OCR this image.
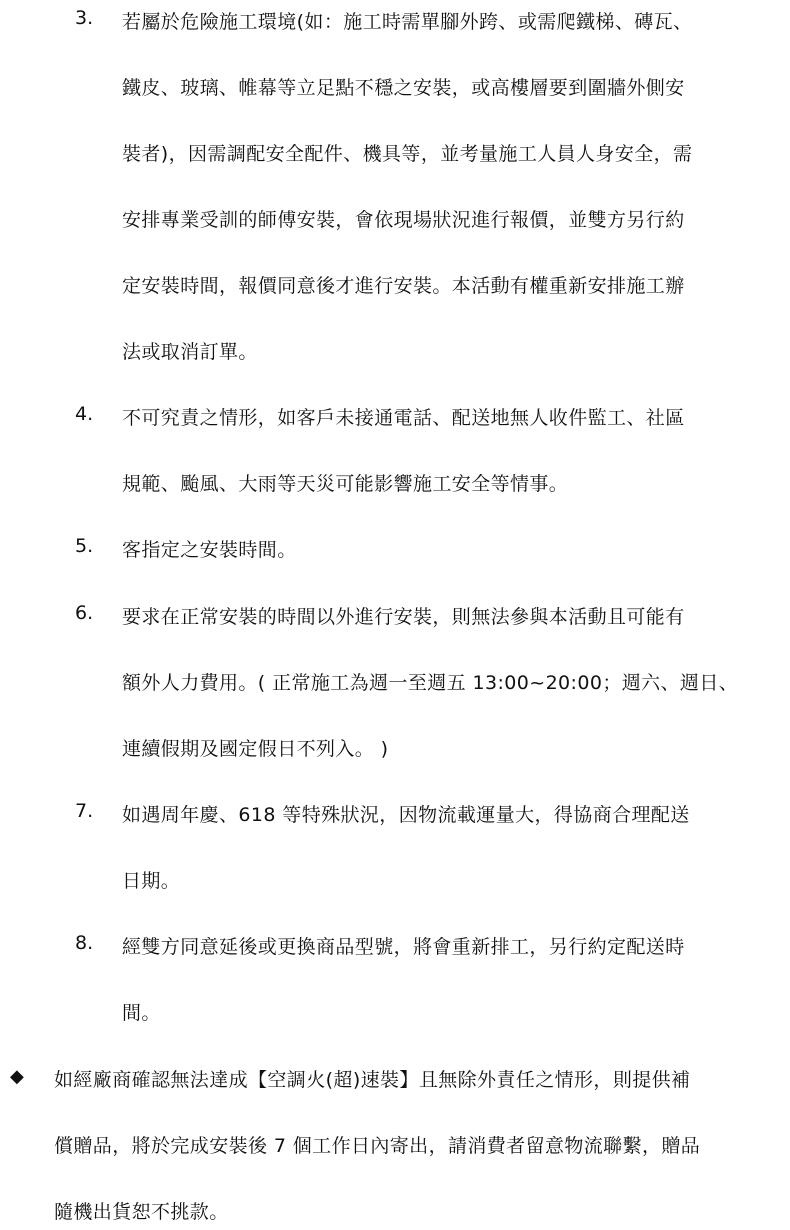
3. 若屬於危險施工環境(如：施工時需單腳外跨、或需爬鐵梯、磚瓦、
鐵皮、玻璃、帷幕等立足點不穩之安裝，或高樓層要到圍牆外側安
裝者)，因需調配安全配件、機具等，並考量施工人員人身安全，需
安排專業受訓的師傅安裝，會依現場狀況進行報價，並雙方另行約
定安裝時間，報價同意後才進行安裝。本活動有權重新安排施工辦
法或取消訂單。
4. 不可究責之情形，如客戶未接通電話、配送地無人收件監工、社區
規範、颱風、大雨等天災可能影響施工安全等情事。
5. 客指定之安裝時間。
6. 要求在正常安裝的時間以外進行安裝，則無法參與本活動且可能有
額外人力費用。( 正常施工為週一至週五 13:00~20:00；週六、週日、
連續假期及國定假日不列入。 )
7. 如遇周年慶、618 等特殊狀況，因物流載運量大，得協商合理配送
日期。
8. 經雙方同意延後或更換商品型號，將會重新排工，另行約定配送時
間。
◆ 如經廠商確認無法達成【空調火(超)速裝】且無除外責任之情形，則提供補
償贈品，將於完成安裝後 7 個工作日內寄出，請消費者留意物流聯繫，贈品
隨機出貨恕不挑款。
